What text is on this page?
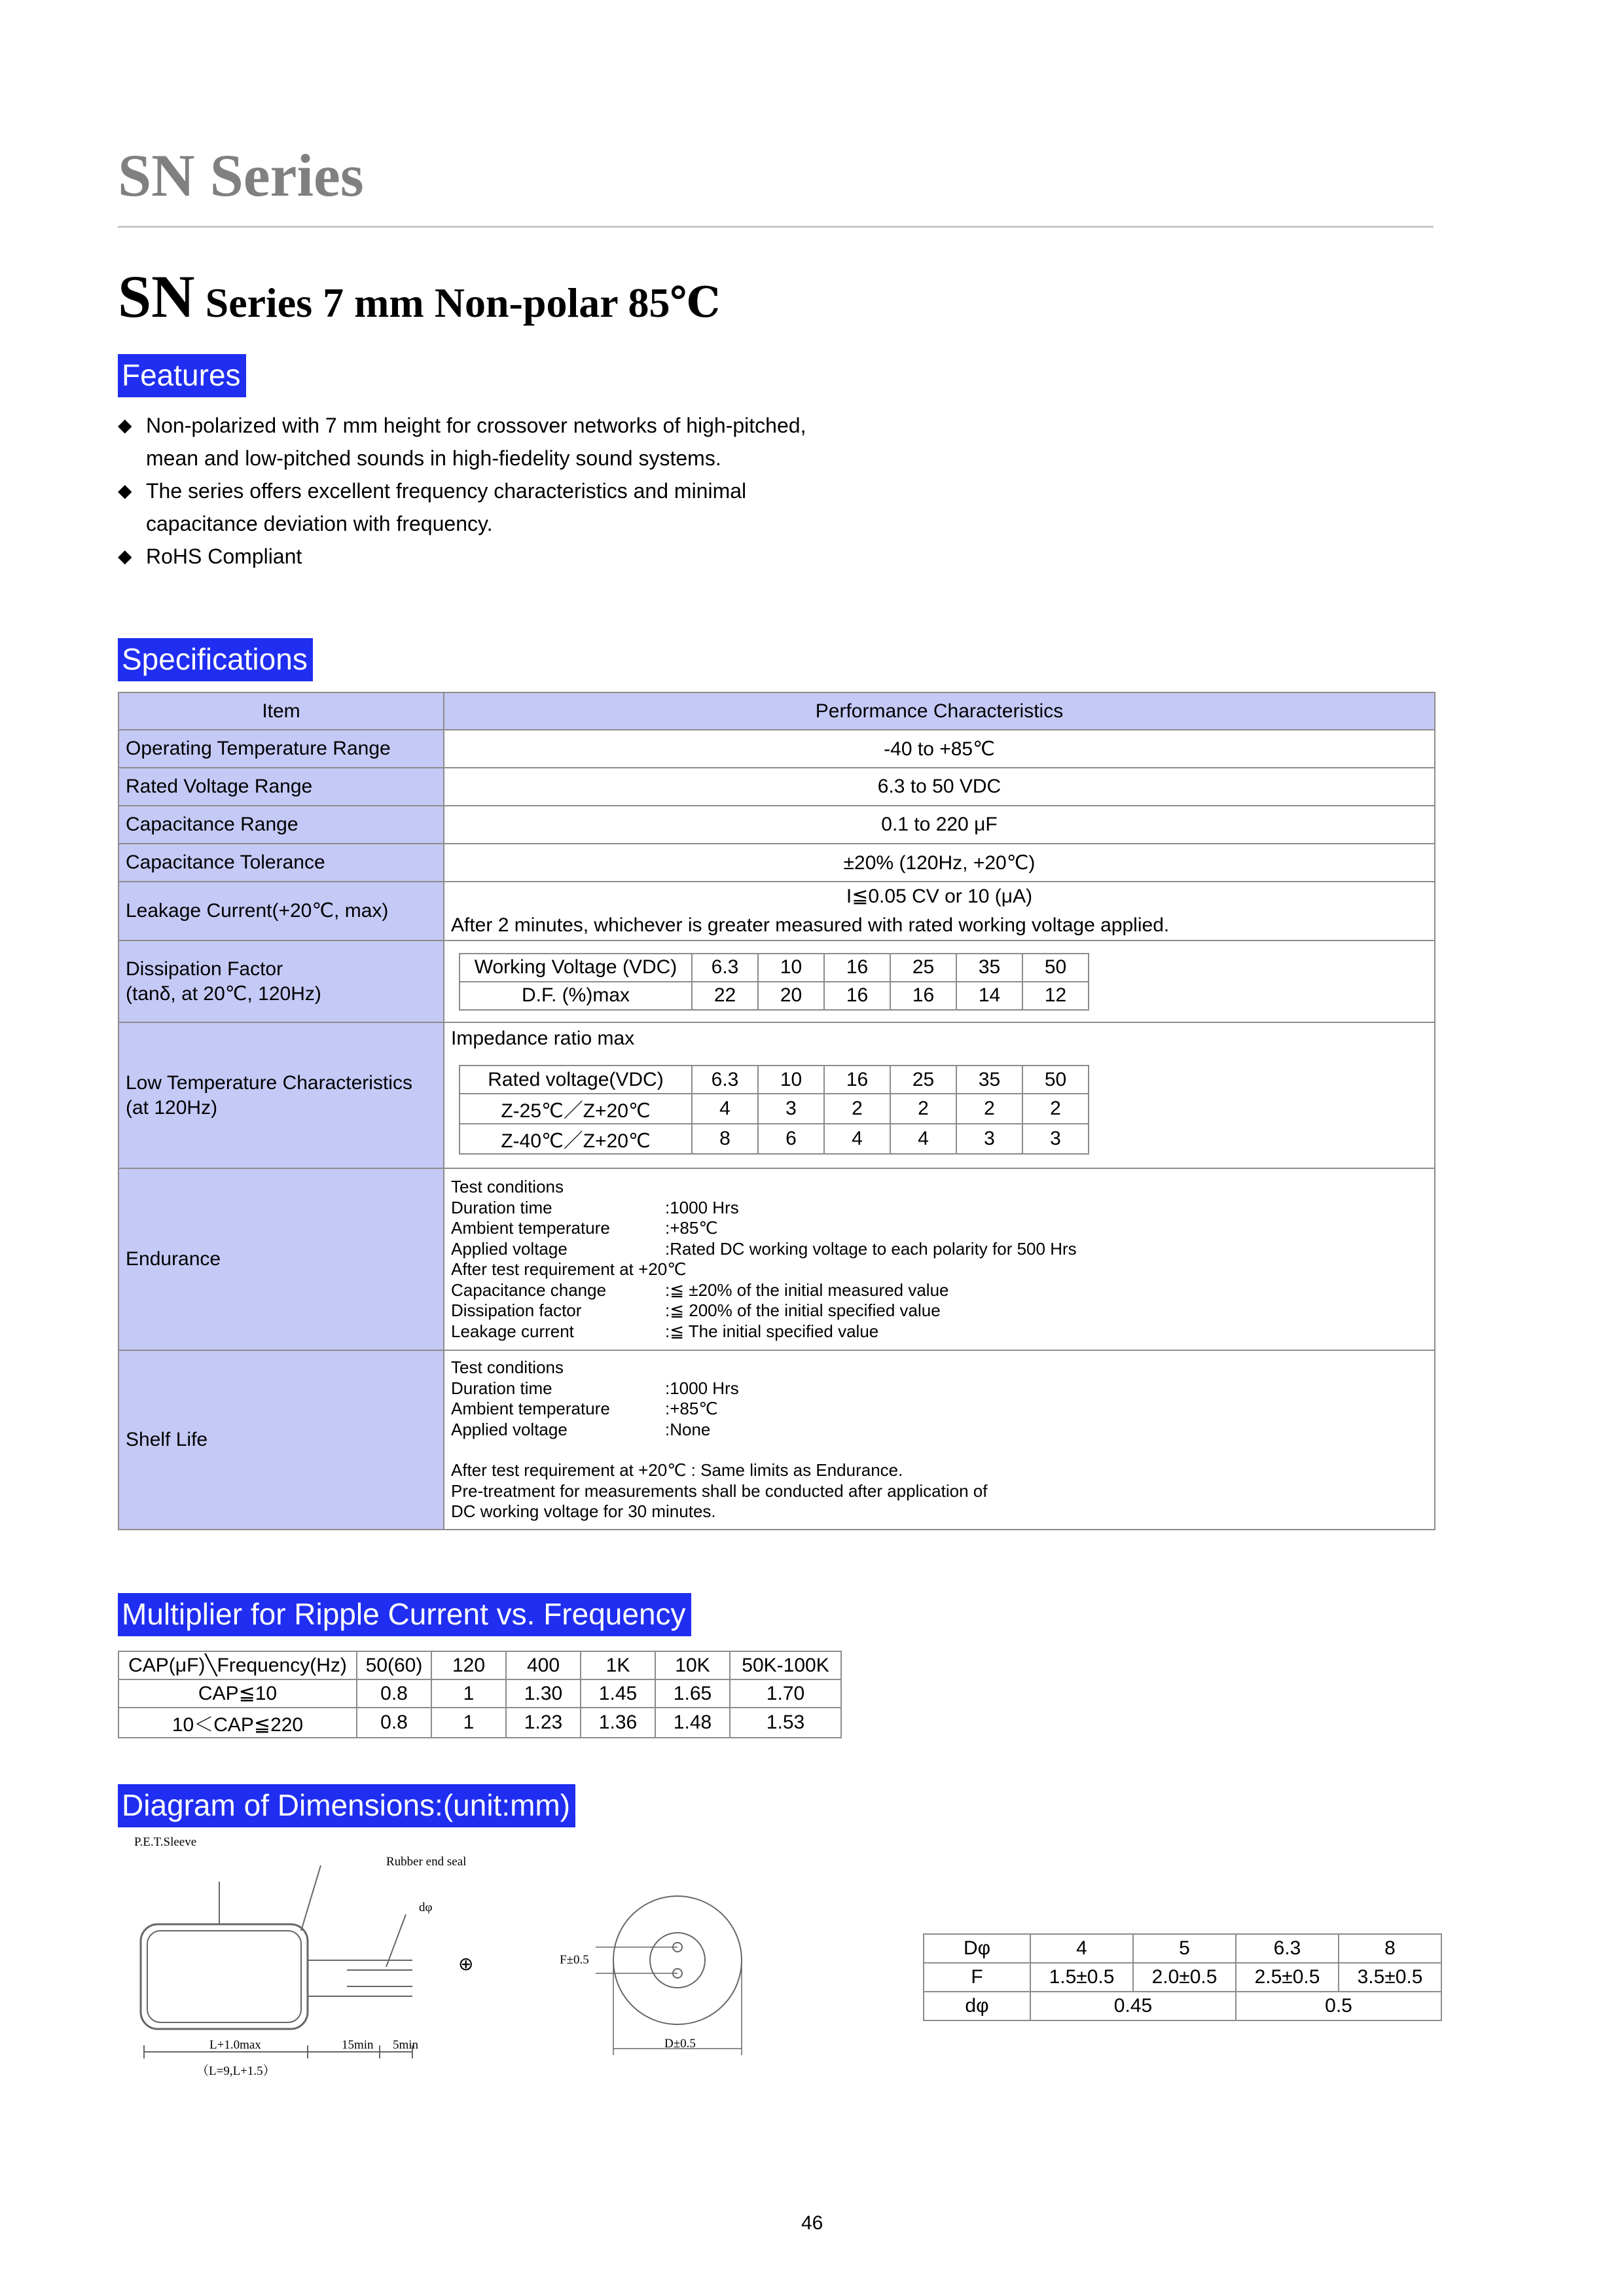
SN Series
SN Series 7 mm Non-polar 85℃
Features
◆ Non-polarized with 7 mm height for crossover networks of high-pitched,
mean and low-pitched sounds in high-fiedelity sound systems.
◆ The series offers excellent frequency characteristics and minimal
capacitance deviation with frequency.
◆ RoHS Compliant
Specifications
Item	Performance Characteristics
Operating Temperature Range	-40 to +85℃
Rated Voltage Range	6.3 to 50 VDC
Capacitance Range	0.1 to 220 μF
Capacitance Tolerance	±20% (120Hz, +20℃)
Leakage Current(+20℃, max)	
I≦0.05 CV or 10 (μA)
After 2 minutes, whichever is greater measured with rated working voltage applied.

Dissipation Factor
(tanδ, at 20℃, 120Hz)

Working Voltage (VDC)	6.3	10	16	25	35	50
D.F. (%)max	22	20	16	16	14	12

Low Temperature Characteristics
(at 120Hz)

Impedance ratio max
Rated voltage(VDC)	6.3	10	16	25	35	50
Z-25℃／Z+20℃	4	3	2	2	2	2
Z-40℃／Z+20℃	8	6	4	4	3	3

Endurance	
Test conditions
Duration time	:1000 Hrs
Ambient temperature	:+85℃
Applied voltage	:Rated DC working voltage to each polarity for 500 Hrs
After test requirement at +20℃
Capacitance change	:≦ ±20% of the initial measured value
Dissipation factor	:≦ 200% of the initial specified value
Leakage current	:≦ The initial specified value

Shelf Life	
Test conditions
Duration time	:1000 Hrs
Ambient temperature	:+85℃
Applied voltage	:None
After test requirement at +20℃ : Same limits as Endurance.
Pre-treatment for measurements shall be conducted after application of
DC working voltage for 30 minutes.
Multiplier for Ripple Current vs. Frequency
CAP(μF)╲Frequency(Hz)	50(60)	120	400	1K	10K	50K-100K
CAP≦10	0.8	1	1.30	1.45	1.65	1.70
10＜CAP≦220	0.8	1	1.23	1.36	1.48	1.53
Diagram of Dimensions:(unit:mm)
P.E.T.Sleeve
Rubber end seal
dφ
⊕
L+1.0max	15min 5min
（L=9,L+1.5）
F±0.5
D±0.5
Dφ	4	5	6.3	8
F	1.5±0.5	2.0±0.5	2.5±0.5	3.5±0.5
dφ	0.45		0.5	
46
